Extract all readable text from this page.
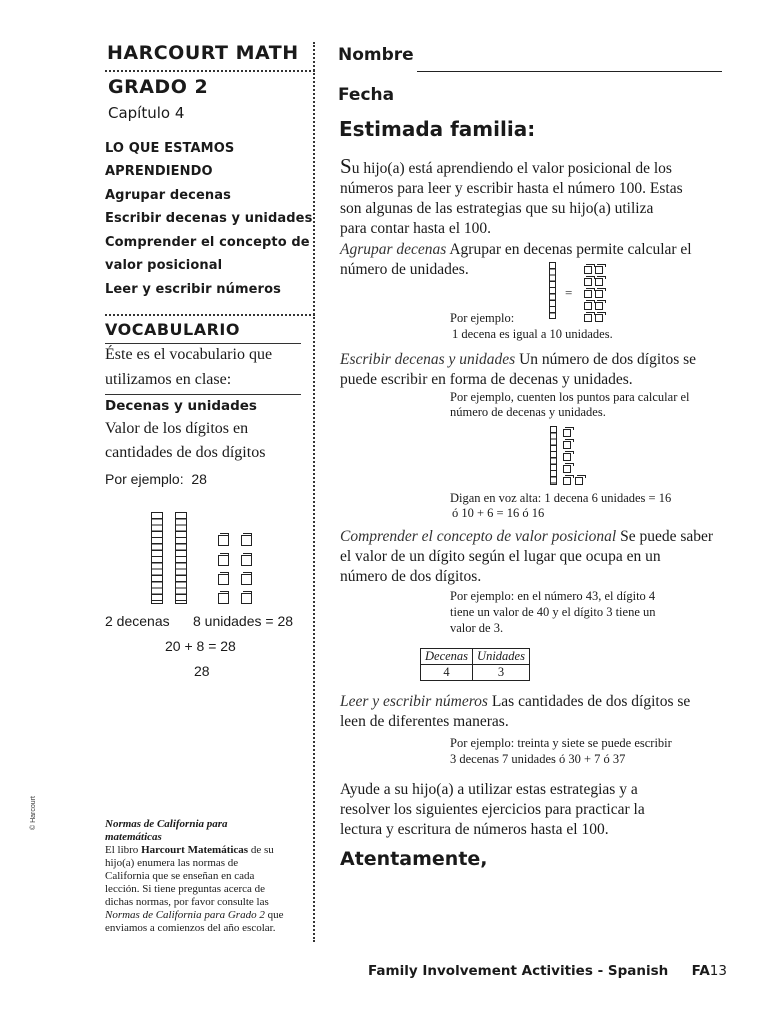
HARCOURT MATH
GRADO 2
Capítulo 4
LO QUE ESTAMOS
APRENDIENDO
Agrupar decenas
Escribir decenas y unidades
Comprender el concepto de
valor posicional
Leer y escribir números
VOCABULARIO
Éste es el vocabulario que
utilizamos en clase:
Decenas y unidades
Valor de los dígitos en
cantidades de dos dígitos
Por ejemplo:  28
2 decenas 8 unidades = 28
20 + 8 = 28
28
© Harcourt	Normas de California para
matemáticas
El libro Harcourt Matemáticas de su
hijo(a) enumera las normas de
California que se enseñan en cada
lección. Si tiene preguntas acerca de
dichas normas, por favor consulte las
Normas de California para Grado 2 que
enviamos a comienzos del año escolar.
Nombre
Fecha
Estimada familia:
Su hijo(a) está aprendiendo el valor posicional de los
números para leer y escribir hasta el número 100. Estas
son algunas de las estrategias que su hijo(a) utiliza
para contar hasta el 100.
Agrupar decenas Agrupar en decenas permite calcular el
número de unidades.
=
Por ejemplo:
1 decena es igual a 10 unidades.
Escribir decenas y unidades Un número de dos dígitos se
puede escribir en forma de decenas y unidades.
Por ejemplo, cuenten los puntos para calcular el
número de decenas y unidades.
Digan en voz alta: 1 decena 6 unidades = 16
ó 10 + 6 = 16 ó 16
Comprender el concepto de valor posicional Se puede saber
el valor de un dígito según el lugar que ocupa en un
número de dos dígitos.
Por ejemplo: en el número 43, el dígito 4
tiene un valor de 40 y el dígito 3 tiene un
valor de 3.
Decenas	Unidades
4	3
Leer y escribir números Las cantidades de dos dígitos se
leen de diferentes maneras.
Por ejemplo: treinta y siete se puede escribir
3 decenas 7 unidades ó 30 + 7 ó 37
Ayude a su hijo(a) a utilizar estas estrategias y a
resolver los siguientes ejercicios para practicar la
lectura y escritura de números hasta el 100.
Atentamente,
Family Involvement Activities - Spanish FA13
